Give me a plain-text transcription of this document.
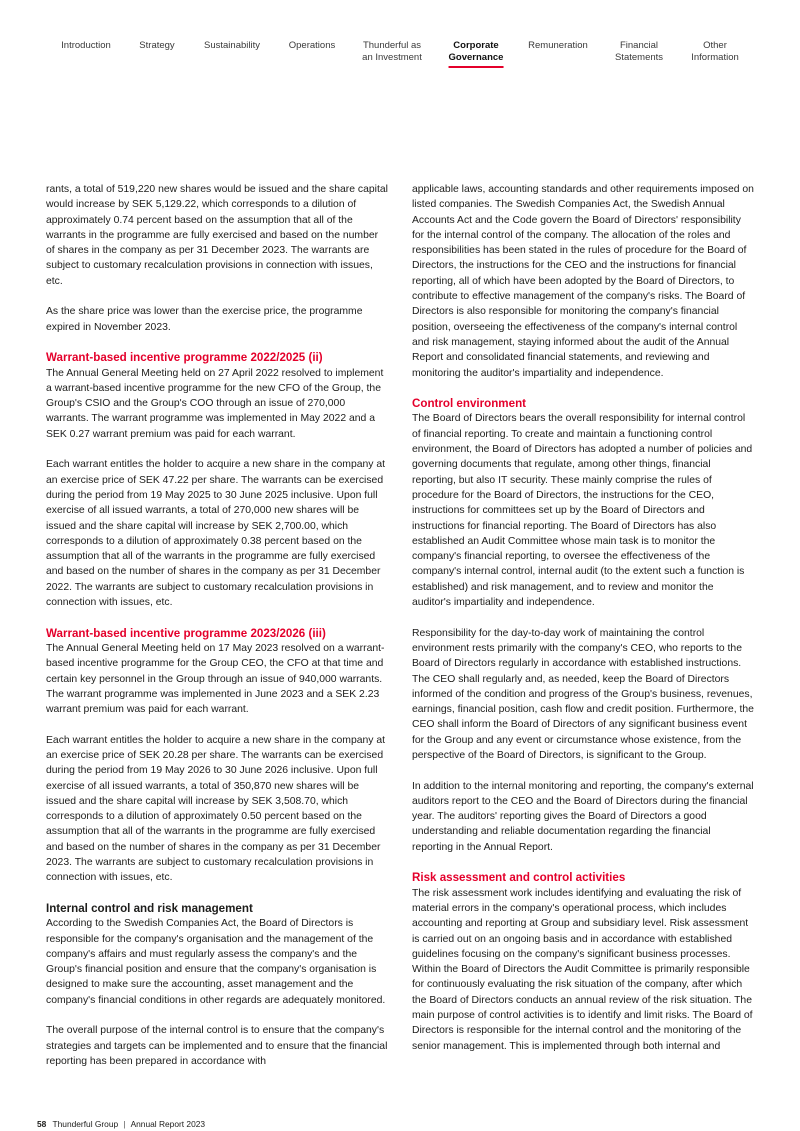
Introduction	Strategy	Sustainability	Operations	Thunderful as
an Investment
Corporate
Governance
Remuneration	Financial
Statements
Other
Information

rants, a total of 519,220 new shares would be issued and the share capital would increase by SEK 5,129.22, which corresponds to a dilution of approximately 0.74 percent based on the assumption that all of the warrants in the programme are fully exercised and based on the number of shares in the company as per 31 December 2023. The warrants are subject to customary recalculation provisions in connection with issues, etc.

As the share price was lower than the exercise price, the programme expired in November 2023.

Warrant-based incentive programme 2022/2025 (ii)

The Annual General Meeting held on 27 April 2022 resolved to implement a warrant-based incentive programme for the new CFO of the Group, the Group's CSIO and the Group's COO through an issue of 270,000 warrants. The warrant programme was implemented in May 2022 and a SEK 0.27 warrant premium was paid for each warrant.

Each warrant entitles the holder to acquire a new share in the company at an exercise price of SEK 47.22 per share. The warrants can be exercised during the period from 19 May 2025 to 30 June 2025 inclusive. Upon full exercise of all issued warrants, a total of 270,000 new shares will be issued and the share capital will increase by SEK 2,700.00, which corresponds to a dilution of approximately 0.38 percent based on the assumption that all of the warrants in the programme are fully exercised and based on the number of shares in the company as per 31 December 2022. The warrants are subject to customary recalculation provisions in connection with issues, etc.

Warrant-based incentive programme 2023/2026 (iii)

The Annual General Meeting held on 17 May 2023 resolved on a warrant-based incentive programme for the Group CEO, the CFO at that time and certain key personnel in the Group through an issue of 940,000 warrants. The warrant programme was implemented in June 2023 and a SEK 2.23 warrant premium was paid for each warrant.

Each warrant entitles the holder to acquire a new share in the company at an exercise price of SEK 20.28 per share. The warrants can be exercised during the period from 19 May 2026 to 30 June 2026 inclusive. Upon full exercise of all issued warrants, a total of 350,870 new shares will be issued and the share capital will increase by SEK 3,508.70, which corresponds to a dilution of approximately 0.50 percent based on the assumption that all of the warrants in the programme are fully exercised and based on the number of shares in the company as per 31 December 2023. The warrants are subject to customary recalculation provisions in connection with issues, etc.

Internal control and risk management

According to the Swedish Companies Act, the Board of Directors is responsible for the company's organisation and the management of the company's affairs and must regularly assess the company's and the Group's financial position and ensure that the company's organisation is designed to make sure the accounting, asset management and the company's financial conditions in other regards are adequately monitored.

The overall purpose of the internal control is to ensure that the company's strategies and targets can be implemented and to ensure that the financial reporting has been prepared in accordance with

applicable laws, accounting standards and other requirements imposed on listed companies. The Swedish Companies Act, the Swedish Annual Accounts Act and the Code govern the Board of Directors' responsibility for the internal control of the company. The allocation of the roles and responsibilities has been stated in the rules of procedure for the Board of Directors, the instructions for the CEO and the instructions for financial reporting, all of which have been adopted by the Board of Directors, to contribute to effective management of the company's risks. The Board of Directors is also responsible for monitoring the company's financial position, overseeing the effectiveness of the company's internal control and risk management, staying informed about the audit of the Annual Report and consolidated financial statements, and reviewing and monitoring the auditor's impartiality and independence.

Control environment

The Board of Directors bears the overall responsibility for internal control of financial reporting. To create and maintain a functioning control environment, the Board of Directors has adopted a number of policies and governing documents that regulate, among other things, financial reporting, but also IT security. These mainly comprise the rules of procedure for the Board of Directors, the instructions for the CEO, instructions for committees set up by the Board of Directors and instructions for financial reporting. The Board of Directors has also established an Audit Committee whose main task is to monitor the company's financial reporting, to oversee the effectiveness of the company's internal control, internal audit (to the extent such a function is established) and risk management, and to review and monitor the auditor's impartiality and independence.

Responsibility for the day-to-day work of maintaining the control environment rests primarily with the company's CEO, who reports to the Board of Directors regularly in accordance with established instructions. The CEO shall regularly and, as needed, keep the Board of Directors informed of the condition and progress of the Group's business, revenues, earnings, financial position, cash flow and credit position. Furthermore, the CEO shall inform the Board of Directors of any significant business event for the Group and any event or circumstance whose existence, from the perspective of the Board of Directors, is significant to the Group.

In addition to the internal monitoring and reporting, the company's external auditors report to the CEO and the Board of Directors during the financial year. The auditors' reporting gives the Board of Directors a good understanding and reliable documentation regarding the financial reporting in the Annual Report.

Risk assessment and control activities

The risk assessment work includes identifying and evaluating the risk of material errors in the company's operational process, which includes accounting and reporting at Group and subsidiary level. Risk assessment is carried out on an ongoing basis and in accordance with established guidelines focusing on the company's significant business processes. Within the Board of Directors the Audit Committee is primarily responsible for continuously evaluating the risk situation of the company, after which the Board of Directors conducts an annual review of the risk situation. The main purpose of control activities is to identify and limit risks. The Board of Directors is responsible for the internal control and the monitoring of the senior management. This is implemented through both internal and

58 Thunderful Group | Annual Report 2023
